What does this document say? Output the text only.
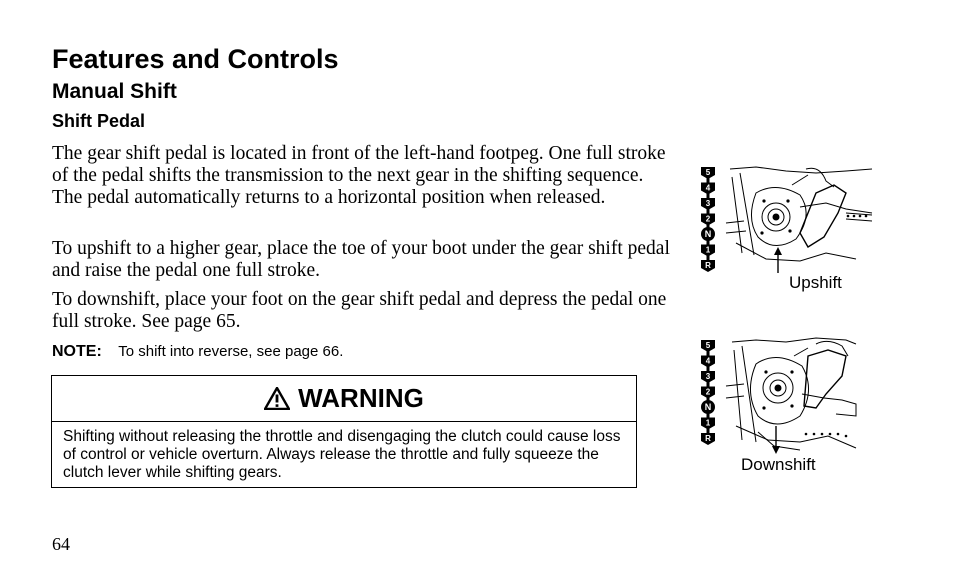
Features and Controls
Manual Shift
Shift Pedal

The gear shift pedal is located in front of the left-hand footpeg. One full stroke of the pedal shifts the transmission to the next gear in the shifting sequence. The pedal automatically returns to a horizontal position when released.

To upshift to a higher gear, place the toe of your boot under the gear shift pedal and raise the pedal one full stroke.

To downshift, place your foot on the gear shift pedal and depress the pedal one full stroke. See page 65.

NOTE: To shift into reverse, see page 66.
WARNING
Shifting without releasing the throttle and disengaging the clutch could cause loss of control or vehicle overturn. Always release the throttle and fully squeeze the clutch lever while shifting gears.
64
5
4
3
2
N
1
R
Upshift
5
4
3
2
N
1
R
Downshift
